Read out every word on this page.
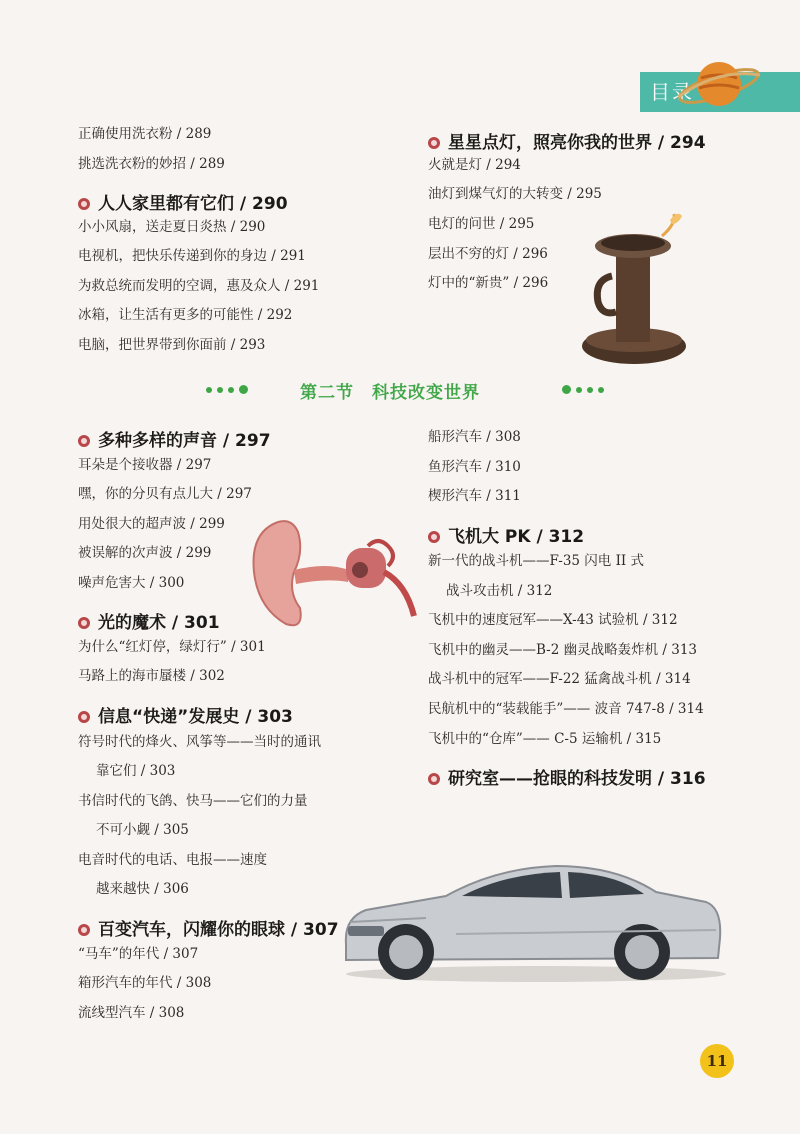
目录
正确使用洗衣粉 / 289
挑选洗衣粉的妙招 / 289
人人家里都有它们 / 290
小小风扇，送走夏日炎热 / 290
电视机，把快乐传递到你的身边 / 291
为救总统而发明的空调，惠及众人 / 291
冰箱，让生活有更多的可能性 / 292
电脑，把世界带到你面前 / 293
星星点灯，照亮你我的世界 / 294
火就是灯 / 294
油灯到煤气灯的大转变 / 295
电灯的问世 / 295
层出不穷的灯 / 296
灯中的“新贵” / 296
第二节　科技改变世界
多种多样的声音 / 297
耳朵是个接收器 / 297
嘿，你的分贝有点儿大 / 297
用处很大的超声波 / 299
被误解的次声波 / 299
噪声危害大 / 300
光的魔术 / 301
为什么“红灯停，绿灯行” / 301
马路上的海市蜃楼 / 302
信息“快递”发展史 / 303
符号时代的烽火、风筝等——当时的通讯
靠它们 / 303
书信时代的飞鸽、快马——它们的力量
不可小觑 / 305
电音时代的电话、电报——速度
越来越快 / 306
百变汽车，闪耀你的眼球 / 307
“马车”的年代 / 307
箱形汽车的年代 / 308
流线型汽车 / 308
船形汽车 / 308
鱼形汽车 / 310
楔形汽车 / 311
飞机大 PK / 312
新一代的战斗机——F-35 闪电 II 式
战斗攻击机 / 312
飞机中的速度冠军——X-43 试验机 / 312
飞机中的幽灵——B-2 幽灵战略轰炸机 / 313
战斗机中的冠军——F-22 猛禽战斗机 / 314
民航机中的“装载能手”—— 波音 747-8 / 314
飞机中的“仓库”—— C-5 运输机 / 315
研究室——抢眼的科技发明 / 316
11
